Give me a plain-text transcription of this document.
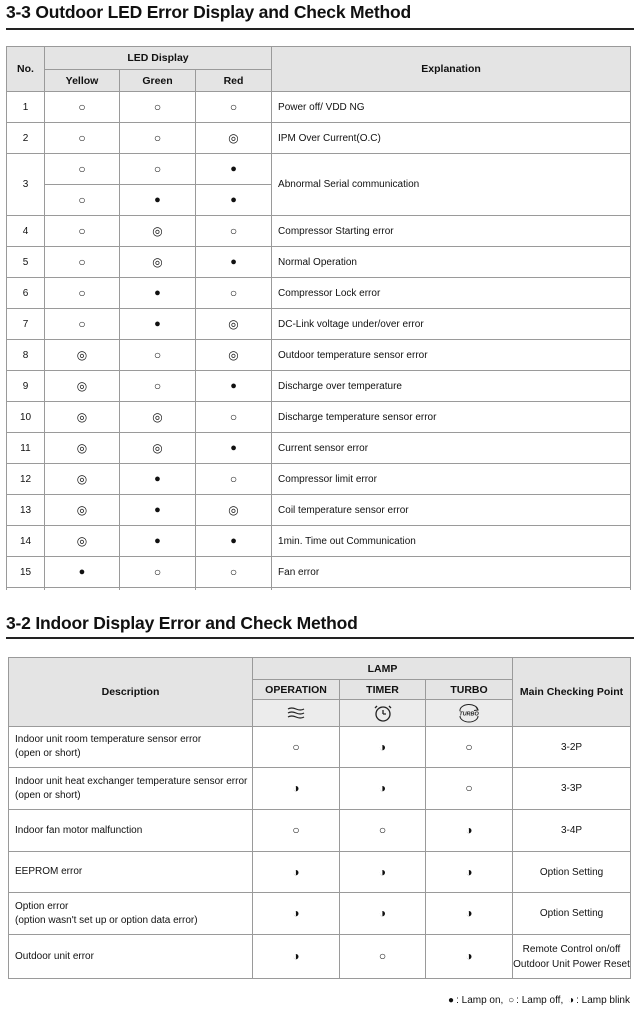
3-3 Outdoor LED Error Display and Check Method
No.	LED Display			Explanation
	Yellow	Green	Red	
1	○	○	○	Power off/ VDD NG
2	○	○	◎	IPM Over Current(O.C)
3	○	○	●	Abnormal Serial communication
	○	●	●	
4	○	◎	○	Compressor Starting error
5	○	◎	●	Normal Operation
6	○	●	○	Compressor Lock error
7	○	●	◎	DC-Link voltage under/over error
8	◎	○	◎	Outdoor temperature sensor error
9	◎	○	●	Discharge over temperature
10	◎	◎	○	Discharge temperature sensor error
11	◎	◎	●	Current sensor error
12	◎	●	○	Compressor limit error
13	◎	●	◎	Coil temperature sensor error
14	◎	●	●	1min. Time out Communication
15	●	○	○	Fan error

3-2 Indoor Display Error and Check Method
Description	LAMP			Main Checking Point
	OPERATION	TIMER	TURBO	

TURBO	

Indoor unit room temperature sensor error
(open or short)	○	◑	○	3-2P

Indoor unit heat exchanger temperature sensor error
(open or short)	◑	◑	○	3-3P

Indoor fan motor malfunction	○	○	◑	3-4P

EEPROM error	◑	◑	◑	Option Setting

Option error
(option wasn't set up or option data error)	◑	◑	◑	Option Setting

Outdoor unit error	◑	○	◑	Remote Control on/off
Outdoor Unit Power Reset
● : Lamp on, ○ : Lamp off, ◑ : Lamp blink
